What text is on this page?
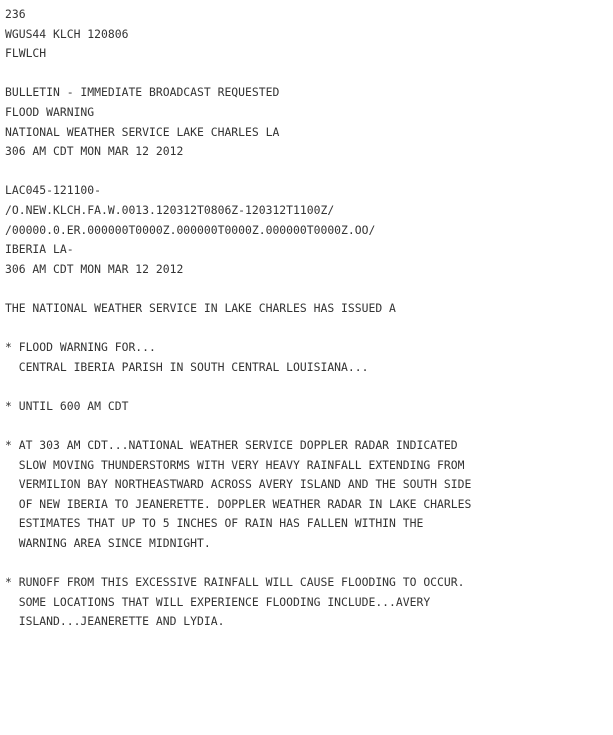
236
WGUS44 KLCH 120806
FLWLCH
BULLETIN - IMMEDIATE BROADCAST REQUESTED
FLOOD WARNING
NATIONAL WEATHER SERVICE LAKE CHARLES LA
306 AM CDT MON MAR 12 2012
LAC045-121100-
/O.NEW.KLCH.FA.W.0013.120312T0806Z-120312T1100Z/
/00000.0.ER.000000T0000Z.000000T0000Z.000000T0000Z.OO/
IBERIA LA-
306 AM CDT MON MAR 12 2012
THE NATIONAL WEATHER SERVICE IN LAKE CHARLES HAS ISSUED A
* FLOOD WARNING FOR...
CENTRAL IBERIA PARISH IN SOUTH CENTRAL LOUISIANA...
* UNTIL 600 AM CDT
* AT 303 AM CDT...NATIONAL WEATHER SERVICE DOPPLER RADAR INDICATED
SLOW MOVING THUNDERSTORMS WITH VERY HEAVY RAINFALL EXTENDING FROM
VERMILION BAY NORTHEASTWARD ACROSS AVERY ISLAND AND THE SOUTH SIDE
OF NEW IBERIA TO JEANERETTE. DOPPLER WEATHER RADAR IN LAKE CHARLES
ESTIMATES THAT UP TO 5 INCHES OF RAIN HAS FALLEN WITHIN THE
WARNING AREA SINCE MIDNIGHT.
* RUNOFF FROM THIS EXCESSIVE RAINFALL WILL CAUSE FLOODING TO OCCUR.
SOME LOCATIONS THAT WILL EXPERIENCE FLOODING INCLUDE...AVERY
ISLAND...JEANERETTE AND LYDIA.
